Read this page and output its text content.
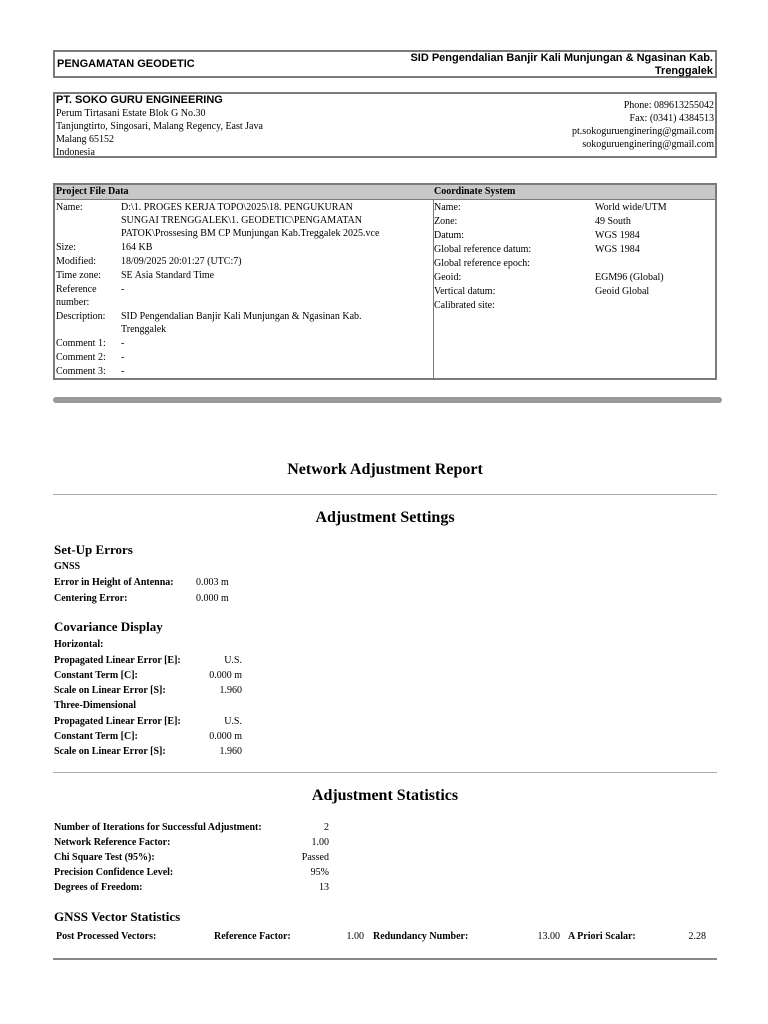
PENGAMATAN GEODETIC	SID Pengendalian Banjir Kali Munjungan & Ngasinan Kab.
Trenggalek
PT. SOKO GURU ENGINEERING
Perum Tirtasani Estate Blok G No.30
Tanjungtirto, Singosari, Malang Regency, East Java
Malang 65152
Indonesia
Phone: 089613255042
Fax: (0341) 4384513
pt.sokoguruenginering@gmail.com
sokoguruenginering@gmail.com
Project File Data
Name:	D:\1. PROGES KERJA TOPO\2025\18. PENGUKURAN
SUNGAI TRENGGALEK\1. GEODETIC\PENGAMATAN
PATOK\Prossesing BM CP Munjungan Kab.Treggalek 2025.vce
Size:	164 KB
Modified:	18/09/2025 20:01:27 (UTC:7)
Time zone:	SE Asia Standard Time
Reference
number:
-
Description:	SID Pengendalian Banjir Kali Munjungan & Ngasinan Kab.
Trenggalek
Comment 1:	-
Comment 2:	-
Comment 3:	-
Coordinate System
Name:	World wide/UTM
Zone:	49 South
Datum:	WGS 1984
Global reference datum:	WGS 1984
Global reference epoch:
Geoid:	EGM96 (Global)
Vertical datum:	Geoid Global
Calibrated site:
Network Adjustment Report
Adjustment Settings
Set-Up Errors
GNSS
Error in Height of Antenna: 0.003 m
Centering Error:	0.000 m
Covariance Display
Horizontal:
Propagated Linear Error [E]:	U.S.
Constant Term [C]:	0.000 m
Scale on Linear Error [S]:	1.960
Three-Dimensional
Propagated Linear Error [E]:	U.S.
Constant Term [C]:	0.000 m
Scale on Linear Error [S]:	1.960
Adjustment Statistics
Number of Iterations for Successful Adjustment:	2
Network Reference Factor:	1.00
Chi Square Test (95%):	Passed
Precision Confidence Level:	95%
Degrees of Freedom:	13
GNSS Vector Statistics
Post Processed Vectors:	Reference Factor:	1.00 Redundancy Number:	13.00 A Priori Scalar:	2.28
